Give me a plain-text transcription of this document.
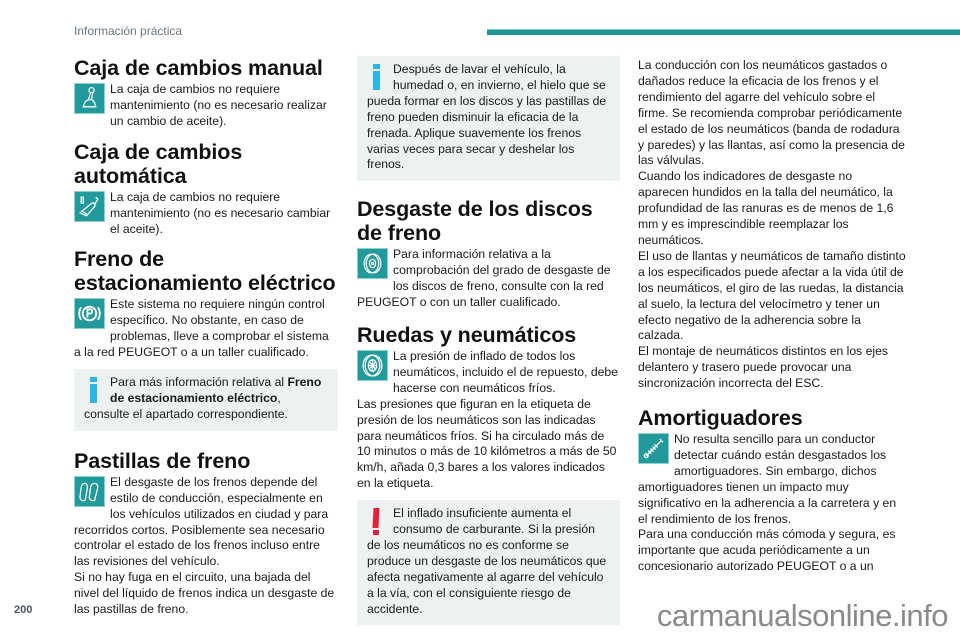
Información práctica
Caja de cambios manual
La caja de cambios no requiere mantenimiento (no es necesario realizar un cambio de aceite).
Caja de cambios automática
La caja de cambios no requiere mantenimiento (no es necesario cambiar el aceite).
Freno de estacionamiento eléctrico
Este sistema no requiere ningún control específico. No obstante, en caso de problemas, lleve a comprobar el sistema a la red PEUGEOT o a un taller cualificado.
Para más información relativa al Freno de estacionamiento eléctrico, consulte el apartado correspondiente.
Pastillas de freno
El desgaste de los frenos depende del estilo de conducción, especialmente en los vehículos utilizados en ciudad y para recorridos cortos. Posiblemente sea necesario controlar el estado de los frenos incluso entre las revisiones del vehículo.
Si no hay fuga en el circuito, una bajada del nivel del líquido de frenos indica un desgaste de las pastillas de freno.
Después de lavar el vehículo, la humedad o, en invierno, el hielo que se pueda formar en los discos y las pastillas de freno pueden disminuir la eficacia de la frenada. Aplique suavemente los frenos varias veces para secar y deshelar los frenos.
Desgaste de los discos de freno
Para información relativa a la comprobación del grado de desgaste de los discos de freno, consulte con la red PEUGEOT o con un taller cualificado.
Ruedas y neumáticos
La presión de inflado de todos los neumáticos, incluido el de repuesto, debe hacerse con neumáticos fríos.
Las presiones que figuran en la etiqueta de presión de los neumáticos son las indicadas para neumáticos fríos. Si ha circulado más de 10 minutos o más de 10 kilómetros a más de 50 km/h, añada 0,3 bares a los valores indicados en la etiqueta.
El inflado insuficiente aumenta el consumo de carburante. Si la presión de los neumáticos no es conforme se produce un desgaste de los neumáticos que afecta negativamente al agarre del vehículo a la vía, con el consiguiente riesgo de accidente.
La conducción con los neumáticos gastados o dañados reduce la eficacia de los frenos y el rendimiento del agarre del vehículo sobre el firme. Se recomienda comprobar periódicamente el estado de los neumáticos (banda de rodadura y paredes) y las llantas, así como la presencia de las válvulas.
Cuando los indicadores de desgaste no aparecen hundidos en la talla del neumático, la profundidad de las ranuras es de menos de 1,6 mm y es imprescindible reemplazar los neumáticos.
El uso de llantas y neumáticos de tamaño distinto a los especificados puede afectar a la vida útil de los neumáticos, el giro de las ruedas, la distancia al suelo, la lectura del velocímetro y tener un efecto negativo de la adherencia sobre la calzada.
El montaje de neumáticos distintos en los ejes delantero y trasero puede provocar una sincronización incorrecta del ESC.
Amortiguadores
No resulta sencillo para un conductor detectar cuándo están desgastados los amortiguadores. Sin embargo, dichos amortiguadores tienen un impacto muy significativo en la adherencia a la carretera y en el rendimiento de los frenos.
Para una conducción más cómoda y segura, es importante que acuda periódicamente a un concesionario autorizado PEUGEOT o a un
200	carmanualsonline.info
